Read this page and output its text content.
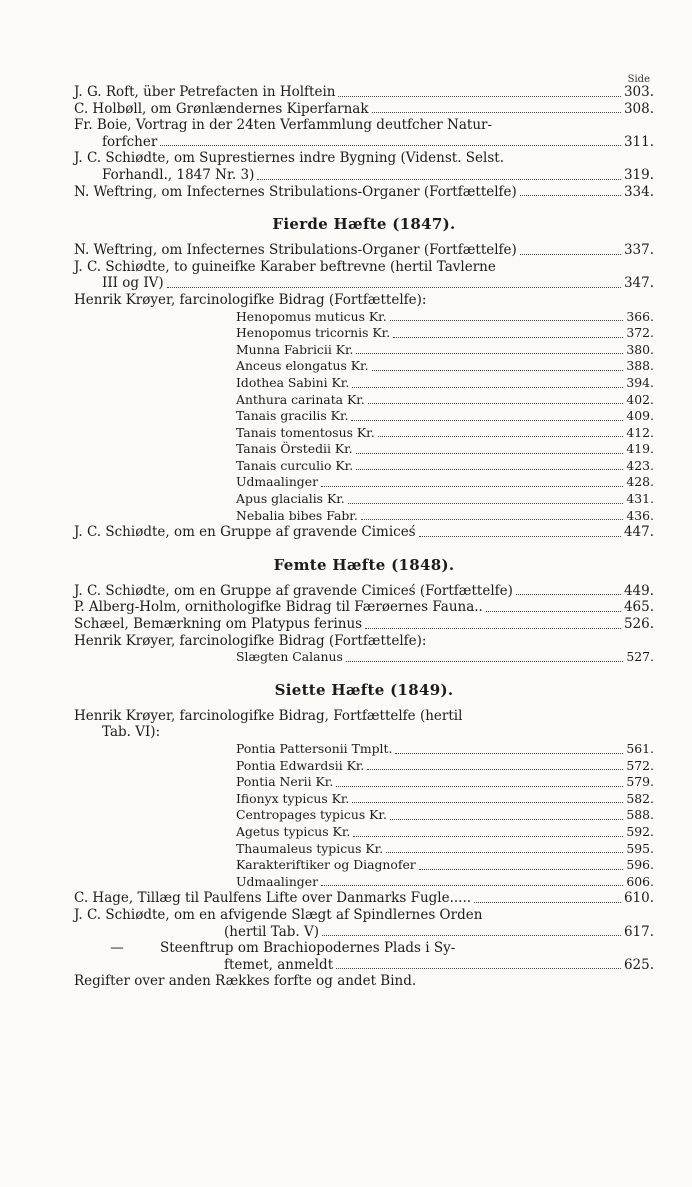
Side
J. G. Roft, über Petrefacten in Holftein	303.
C. Holbøll, om Grønlændernes Kiperfarnak	308.
Fr. Boie, Vortrag in der 24ten Verfammlung deutfcher Natur-
forfcher	311.
J. C. Schiødte, om Suprestiernes indre Bygning (Videnst. Selst.
Forhandl., 1847 Nr. 3)	319.
N. Weftring, om Infecternes Stribulations-Organer (Fortfættelfe)	334.
Fierde Hæfte (1847).
N. Weftring, om Infecternes Stribulations-Organer (Fortfættelfe)	337.
J. C. Schiødte, to guineifke Karaber beftrevne (hertil Tavlerne
III og IV)	347.
Henrik Krøyer, farcinologifke Bidrag (Fortfættelfe):
Henopomus muticus Kr.	366.
Henopomus tricornis Kr.	372.
Munna Fabricii Kr.	380.
Anceus elongatus Kr.	388.
Idothea Sabini Kr.	394.
Anthura carinata Kr.	402.
Tanais gracilis Kr.	409.
Tanais tomentosus Kr.	412.
Tanais Örstedii Kr.	419.
Tanais curculio Kr.	423.
Udmaalinger	428.
Apus glacialis Kr.	431.
Nebalia bibes Fabr.	436.
J. C. Schiødte, om en Gruppe af gravende Cimiceś	447.
Femte Hæfte (1848).
J. C. Schiødte, om en Gruppe af gravende Cimiceś (Fortfættelfe)	449.
P. Alberg-Holm, ornithologifke Bidrag til Færøernes Fauna..	465.
Schæel, Bemærkning om Platypus ferinus	526.
Henrik Krøyer, farcinologifke Bidrag (Fortfættelfe):
Slægten Calanus	527.
Siette Hæfte (1849).
Henrik Krøyer, farcinologifke Bidrag, Fortfættelfe (hertil
Tab. VI):
Pontia Pattersonii Tmplt.	561.
Pontia Edwardsii Kr.	572.
Pontia Nerii Kr.	579.
Ifionyx typicus Kr.	582.
Centropages typicus Kr.	588.
Agetus typicus Kr.	592.
Thaumaleus typicus Kr.	595.
Karakteriftiker og Diagnofer	596.
Udmaalinger	606.
C. Hage, Tillæg til Paulfens Lifte over Danmarks Fugle.....	610.
J. C. Schiødte, om en afvigende Slægt af Spindlernes Orden
(hertil Tab. V)	617.
—	Steenftrup om Brachiopodernes Plads i Sy-
ftemet, anmeldt	625.
Regifter over anden Rækkes forfte og andet Bind.
